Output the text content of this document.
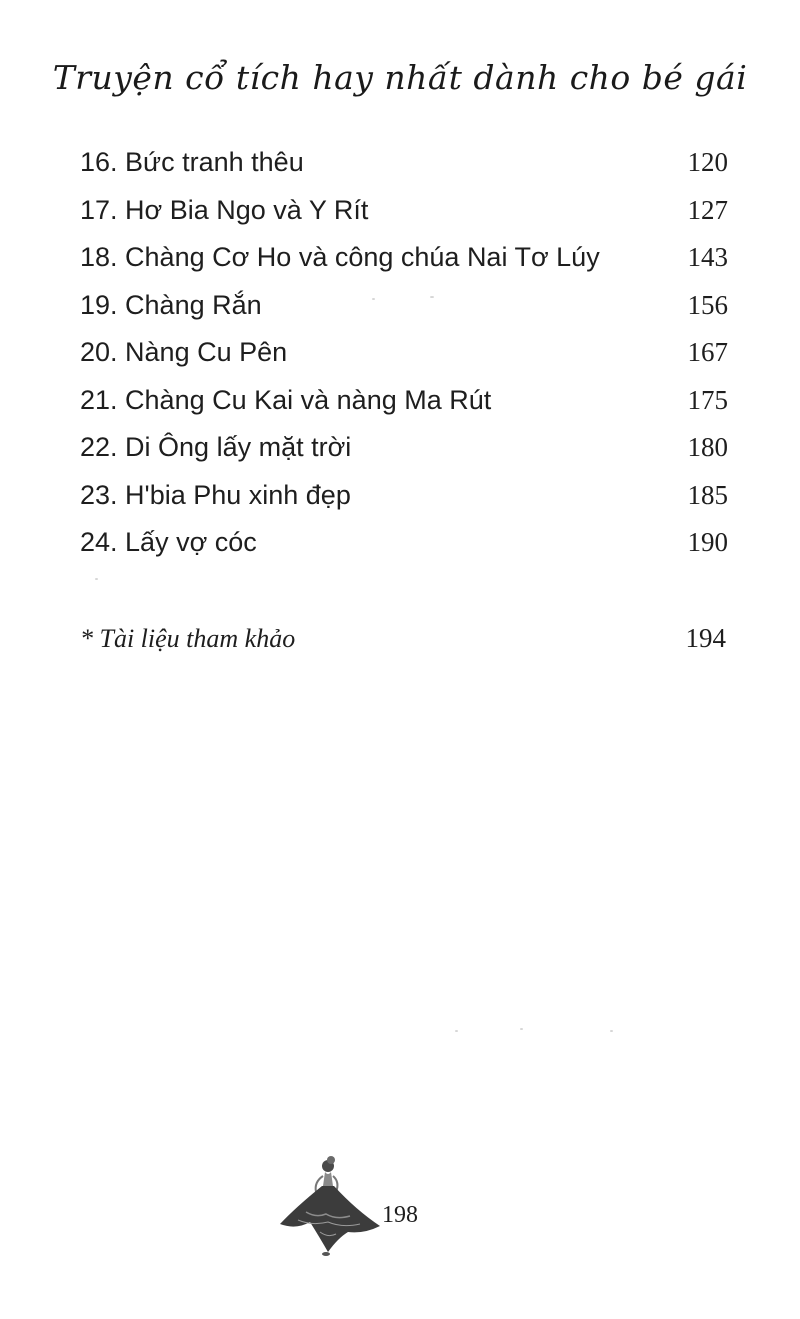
Truyện cổ tích hay nhất dành cho bé gái
16. Bức tranh thêu	120
17. Hơ Bia Ngo và Y Rít	127
18. Chàng Cơ Ho và công chúa Nai Tơ Lúy	143
19. Chàng Rắn	156
20. Nàng Cu Pên	167
21. Chàng Cu Kai và nàng Ma Rút	175
22. Di Ông lấy mặt trời	180
23. H'bia Phu xinh đẹp	185
24. Lấy vợ cóc	190
* Tài liệu tham khảo	194
198
